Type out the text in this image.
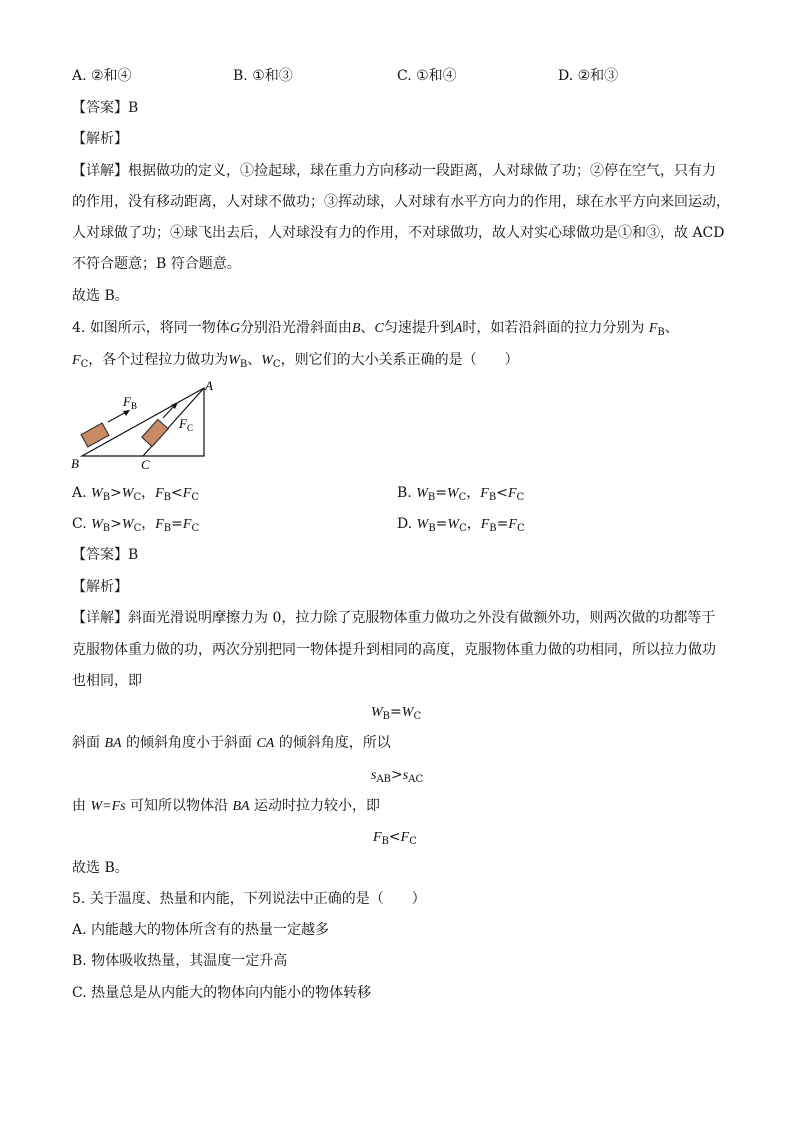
A. ②和④	B. ①和③	C. ①和④	D. ②和③
【答案】B
【解析】
【详解】根据做功的定义，①捡起球，球在重力方向移动一段距离，人对球做了功；②停在空气，只有力
的作用，没有移动距离，人对球不做功；③挥动球，人对球有水平方向力的作用，球在水平方向来回运动，
人对球做了功；④球飞出去后，人对球没有力的作用，不对球做功，故人对实心球做功是①和③，故 ACD
不符合题意；B 符合题意。
故选 B。
4. 如图所示，将同一物体G分别沿光滑斜面由B、C匀速提升到A时，如若沿斜面的拉力分别为 $F_B$、
$F_C$，各个过程拉力做功为$W_B$、$W_C$，则它们的大小关系正确的是（　　）
F B
F C
A
B	C
A. $W_B>W_C$，$F_B<F_C$	B. $W_B=W_C$，$F_B<F_C$
C. $W_B>W_C$，$F_B=F_C$	D. $W_B=W_C$，$F_B=F_C$
【答案】B
【解析】
【详解】斜面光滑说明摩擦力为 0，拉力除了克服物体重力做功之外没有做额外功，则两次做的功都等于
克服物体重力做的功，两次分别把同一物体提升到相同的高度，克服物体重力做的功相同，所以拉力做功
也相同，即
$W_B=W_C$
斜面 BA 的倾斜角度小于斜面 CA 的倾斜角度，所以
$s_{AB}>s_{AC}$
由 W=Fs 可知所以物体沿 BA 运动时拉力较小，即
$F_B<F_C$
故选 B。
5. 关于温度、热量和内能，下列说法中正确的是（　　）
A. 内能越大的物体所含有的热量一定越多
B. 物体吸收热量，其温度一定升高
C. 热量总是从内能大的物体向内能小的物体转移
